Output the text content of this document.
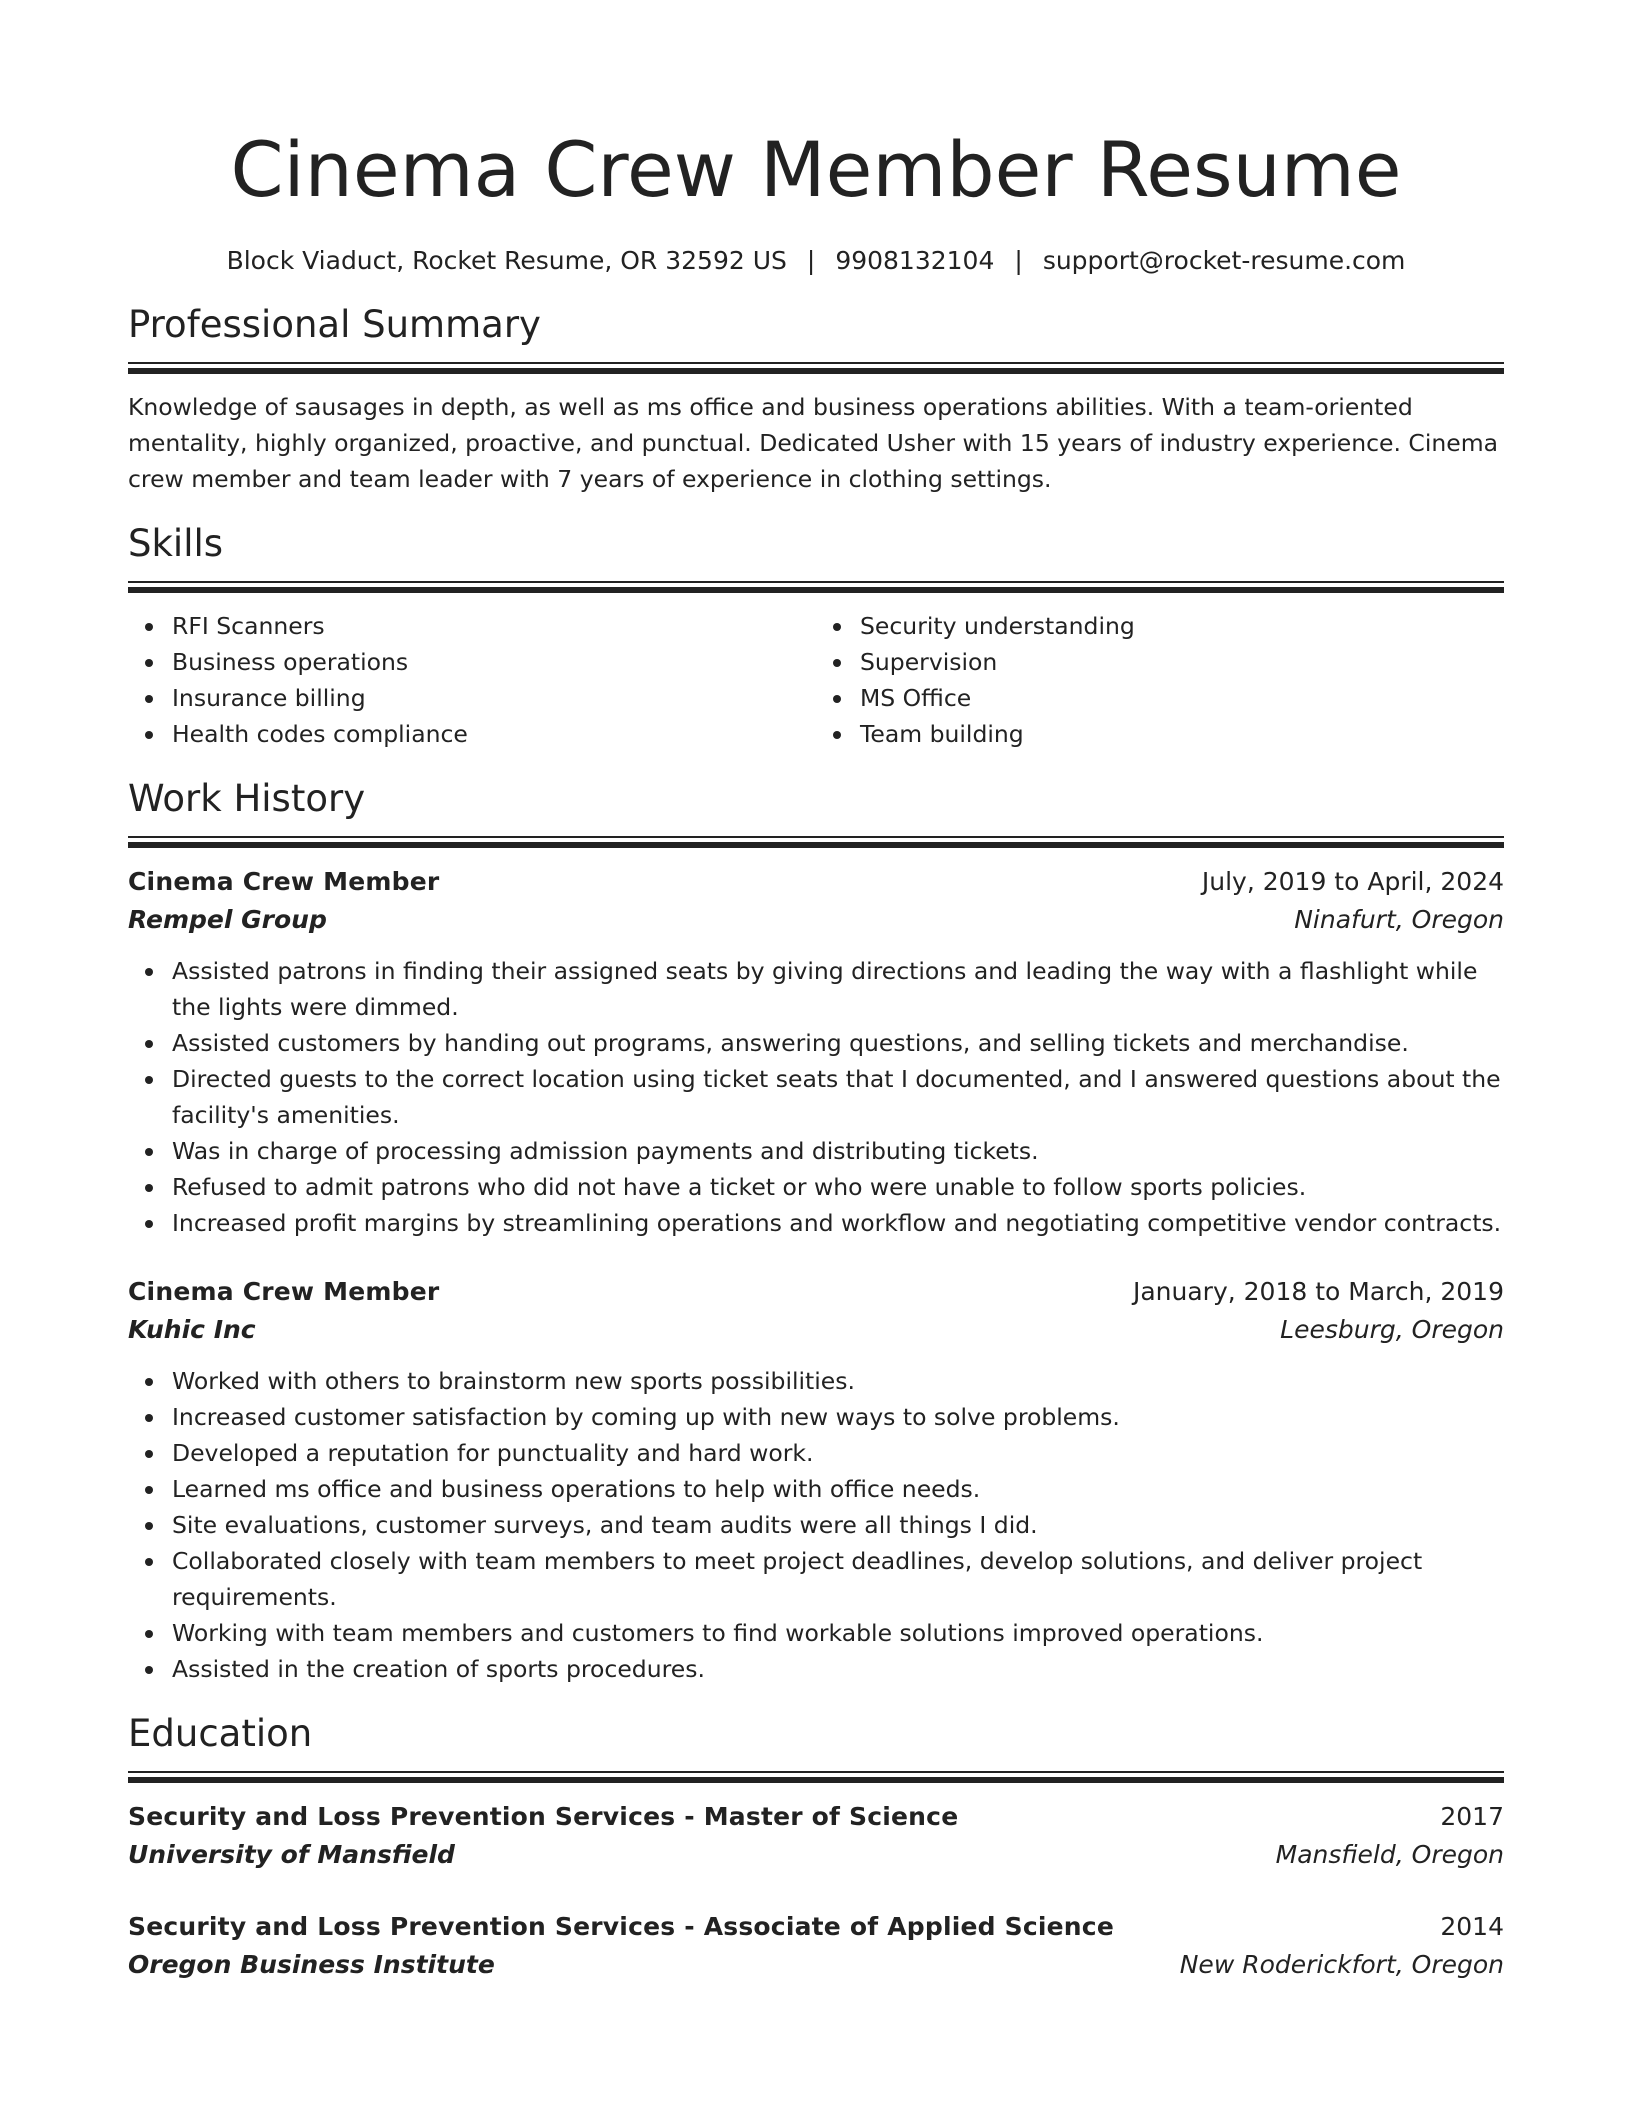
Cinema Crew Member Resume
Block Viaduct, Rocket Resume, OR 32592 US | 9908132104 | support@rocket-resume.com
Professional Summary
Knowledge of sausages in depth, as well as ms office and business operations abilities. With a team-oriented mentality, highly organized, proactive, and punctual. Dedicated Usher with 15 years of industry experience. Cinema crew member and team leader with 7 years of experience in clothing settings.
Skills
RFI Scanners
Business operations
Insurance billing
Health codes compliance
Security understanding
Supervision
MS Office
Team building
Work History
Cinema Crew Member	July, 2019 to April, 2024
Rempel Group	Ninafurt, Oregon
Assisted patrons in finding their assigned seats by giving directions and leading the way with a flashlight while the lights were dimmed.
Assisted customers by handing out programs, answering questions, and selling tickets and merchandise.
Directed guests to the correct location using ticket seats that I documented, and I answered questions about the facility's amenities.
Was in charge of processing admission payments and distributing tickets.
Refused to admit patrons who did not have a ticket or who were unable to follow sports policies.
Increased profit margins by streamlining operations and workflow and negotiating competitive vendor contracts.
Cinema Crew Member	January, 2018 to March, 2019
Kuhic Inc	Leesburg, Oregon
Worked with others to brainstorm new sports possibilities.
Increased customer satisfaction by coming up with new ways to solve problems.
Developed a reputation for punctuality and hard work.
Learned ms office and business operations to help with office needs.
Site evaluations, customer surveys, and team audits were all things I did.
Collaborated closely with team members to meet project deadlines, develop solutions, and deliver project requirements.
Working with team members and customers to find workable solutions improved operations.
Assisted in the creation of sports procedures.
Education
Security and Loss Prevention Services - Master of Science	2017
University of Mansfield	Mansfield, Oregon
Security and Loss Prevention Services - Associate of Applied Science	2014
Oregon Business Institute	New Roderickfort, Oregon
